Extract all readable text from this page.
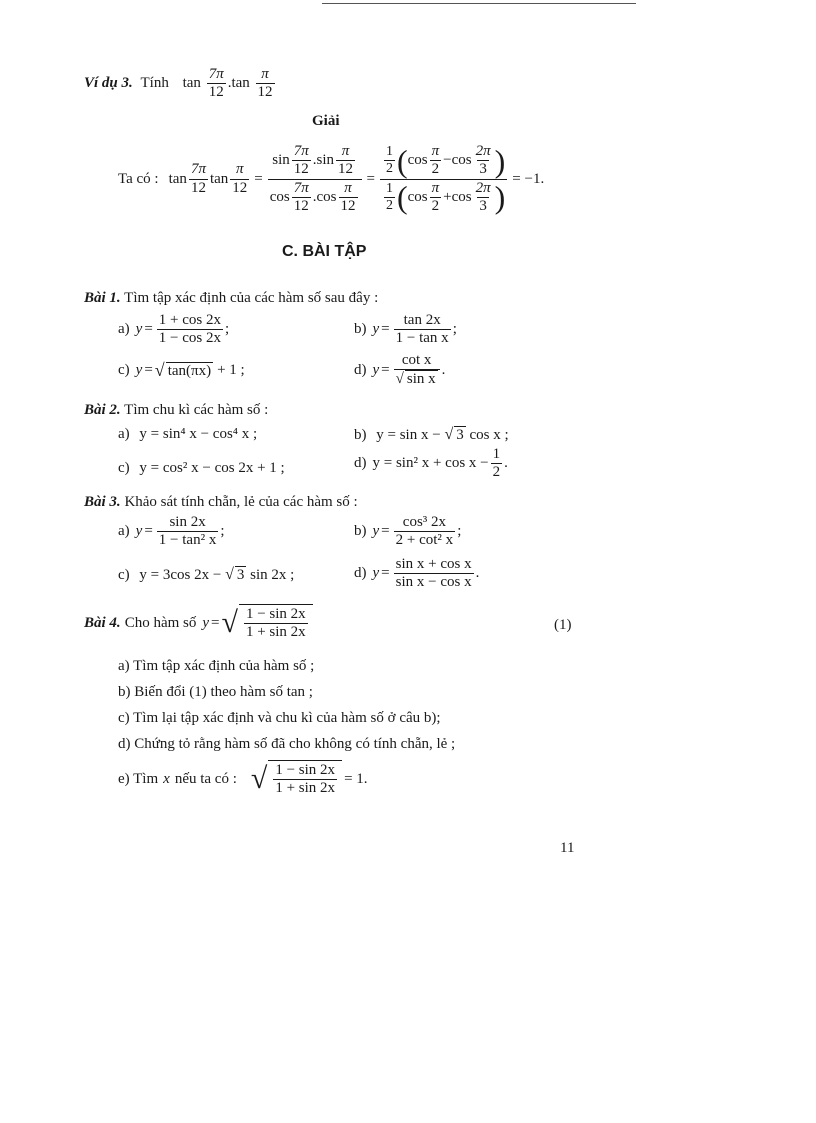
Ví dụ 3. Tính $\tan \frac{7\pi}{12} .\tan \frac{\pi}{12}$
Giải
Ta có : $\tan \frac{7\pi}{12}$ $\tan \frac{\pi}{12} = \frac{\sin \frac{7\pi}{12} . \sin \frac{\pi}{12}}{\cos \frac{7\pi}{12} . \cos \frac{\pi}{12}}$ =
$\frac{1}{2}$ ( $\cos \frac{\pi}{2} - \cos \frac{2\pi}{3}$ )
$\frac{1}{2}$ ( $\cos \frac{\pi}{2} + \cos \frac{2\pi}{3}$ )
= −1.
C. BÀI TẬP
Bài 1. Tìm tập xác định của các hàm số sau đây :
a) $y = \frac{1 + \cos 2x}{1 - \cos 2x}$ ;	b) $y = \frac{\tan 2x}{\text{1 − tan x}}$ ;
c) y = √ tan(πx) + 1 ;	d) $y = \frac{\text{cot x}}{\text{√ sin x}}$ .
Bài 2. Tìm chu kì các hàm số :
a) y = sin⁴ x − cos⁴ x ;	b) y = sin x − √ 3 cos x ;
c) y = cos² x − cos 2x + 1 ;	d) y = sin² $x + \cos x - \frac{1}{2}$ .
Bài 3. Khảo sát tính chẵn, lẻ của các hàm số :
a) $y = \frac{\sin 2x}{\text{1 − tan² x}}$ ;	b) $y = \frac{\text{cos³ 2x}}{\text{2 + cot² x}}$ ;
c) y = 3cos 2x − √ 3 sin 2x ;	d) $y = \frac{\text{sin x + cos x}}{\text{sin x − cos x}}$ .
Bài 4. Cho hàm số y = √ $\frac{1 - \sin 2x}{1 + \sin 2x}$	(1)
a) Tìm tập xác định của hàm số ;
b) Biến đổi (1) theo hàm số tan ;
c) Tìm lại tập xác định và chu kì của hàm số ở câu b);
d) Chứng tỏ rằng hàm số đã cho không có tính chẵn, lẻ ;
e) Tìm x nếu ta có : √ $\frac{1 - \sin 2x}{1 + \sin 2x} = 1$.
11
